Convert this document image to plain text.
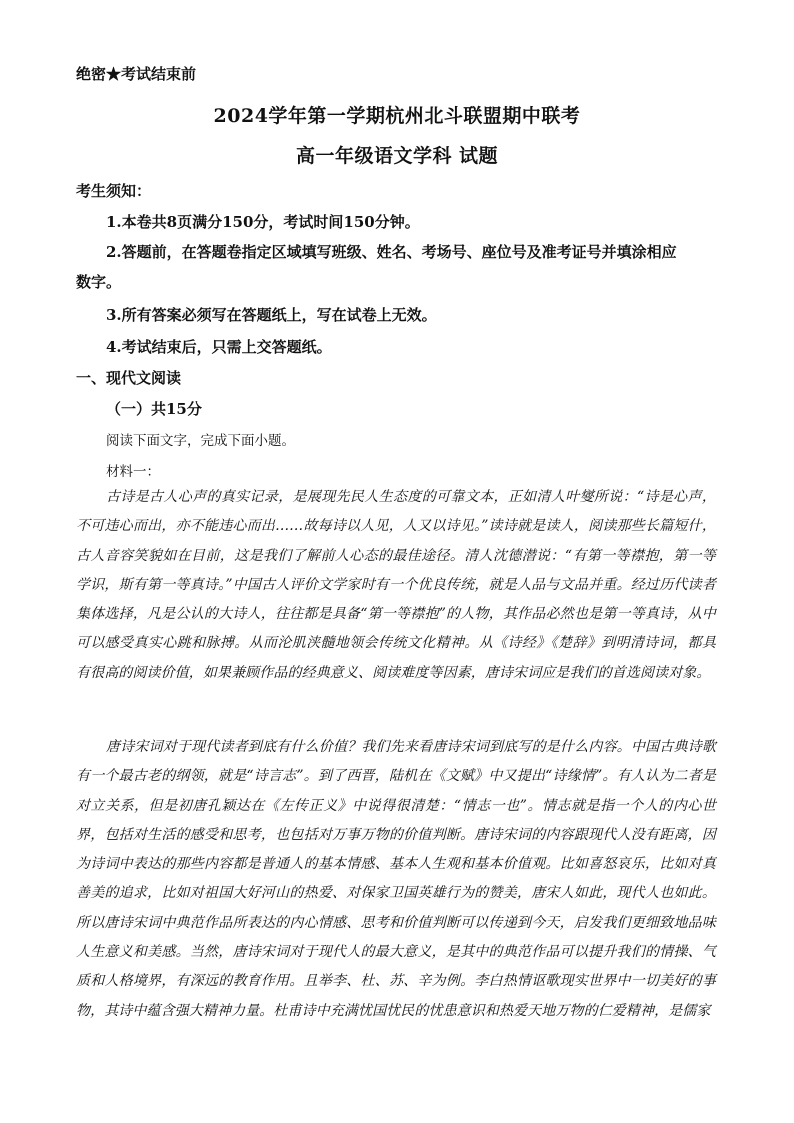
绝密★考试结束前
2024学年第一学期杭州北斗联盟期中联考
高一年级语文学科 试题
考生须知：
1.本卷共8页满分150分，考试时间150分钟。
2.答题前，在答题卷指定区域填写班级、姓名、考场号、座位号及准考证号并填涂相应
数字。
3.所有答案必须写在答题纸上，写在试卷上无效。
4.考试结束后，只需上交答题纸。
一、现代文阅读
（一）共15分
阅读下面文字，完成下面小题。
材料一：

古诗是古人心声的真实记录，是展现先民人生态度的可靠文本，正如清人叶燮所说：“诗是心声，不可违心而出，亦不能违心而出……故每诗以人见，人又以诗见。”读诗就是读人，阅读那些长篇短什，古人音容笑貌如在目前，这是我们了解前人心态的最佳途径。清人沈德潜说：“有第一等襟抱，第一等学识，斯有第一等真诗。”中国古人评价文学家时有一个优良传统，就是人品与文品并重。经过历代读者集体选择，凡是公认的大诗人，往往都是具备“第一等襟抱”的人物，其作品必然也是第一等真诗，从中可以感受真实心跳和脉搏。从而沦肌浃髓地领会传统文化精神。从《诗经》《楚辞》到明清诗词，都具有很高的阅读价值，如果兼顾作品的经典意义、阅读难度等因素，唐诗宋词应是我们的首选阅读对象。

唐诗宋词对于现代读者到底有什么价值？我们先来看唐诗宋词到底写的是什么内容。中国古典诗歌有一个最古老的纲领，就是“诗言志”。到了西晋，陆机在《文赋》中又提出“诗缘情”。有人认为二者是对立关系，但是初唐孔颖达在《左传正义》中说得很清楚：“情志一也”。情志就是指一个人的内心世界，包括对生活的感受和思考，也包括对万事万物的价值判断。唐诗宋词的内容跟现代人没有距离，因为诗词中表达的那些内容都是普通人的基本情感、基本人生观和基本价值观。比如喜怒哀乐，比如对真善美的追求，比如对祖国大好河山的热爱、对保家卫国英雄行为的赞美，唐宋人如此，现代人也如此。所以唐诗宋词中典范作品所表达的内心情感、思考和价值判断可以传递到今天，启发我们更细致地品味人生意义和美感。当然，唐诗宋词对于现代人的最大意义，是其中的典范作品可以提升我们的情操、气质和人格境界，有深远的教育作用。且举李、杜、苏、辛为例。李白热情讴歌现实世界中一切美好的事物，其诗中蕴含强大精神力量。杜甫诗中充满忧国忧民的忧患意识和热爱天地万物的仁爱精神，是儒家
